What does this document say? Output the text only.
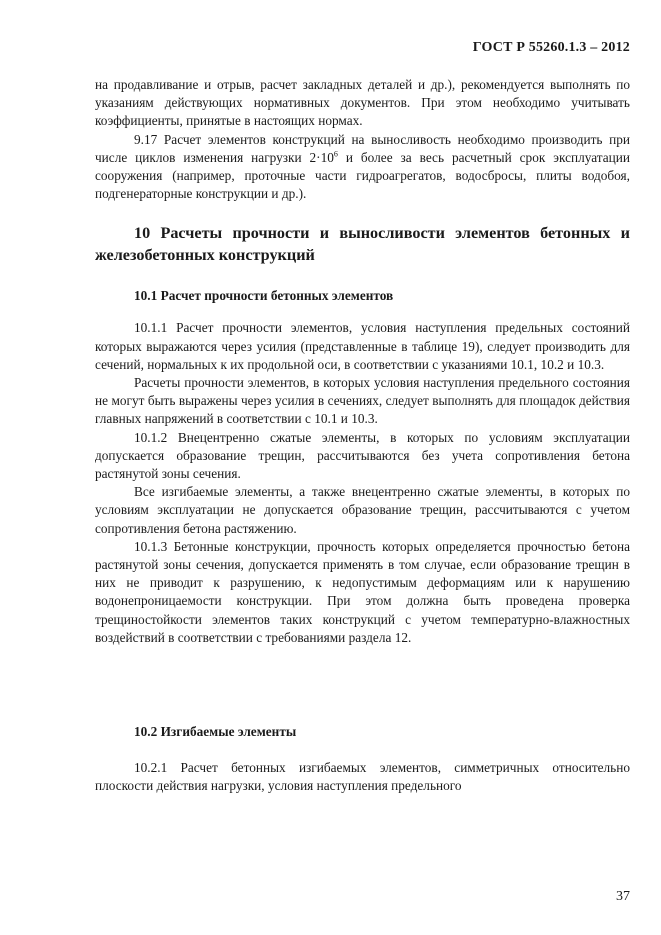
ГОСТ Р 55260.1.3 – 2012

на продавливание и отрыв, расчет закладных деталей и др.), рекомендуется выполнять по указаниям действующих нормативных документов. При этом необходимо учитывать коэффициенты, принятые в настоящих нормах.

9.17 Расчет элементов конструкций на выносливость необходимо производить при числе циклов изменения нагрузки $2\cdot 10^6$ и более за весь расчетный срок эксплуатации сооружения (например, проточные части гидроагрегатов, водосбросы, плиты водобоя, подгенераторные конструкции и др.).

10 Расчеты прочности и выносливости элементов бетонных и железобетонных конструкций

10.1 Расчет прочности бетонных элементов

10.1.1 Расчет прочности элементов, условия наступления предельных состояний которых выражаются через усилия (представленные в таблице 19), следует производить для сечений, нормальных к их продольной оси, в соответствии с указаниями 10.1, 10.2 и 10.3.

Расчеты прочности элементов, в которых условия наступления предельного состояния не могут быть выражены через усилия в сечениях, следует выполнять для площадок действия главных напряжений в соответствии с 10.1 и 10.3.

10.1.2 Внецентренно сжатые элементы, в которых по условиям эксплуатации допускается образование трещин, рассчитываются без учета сопротивления бетона растянутой зоны сечения.

Все изгибаемые элементы, а также внецентренно сжатые элементы, в которых по условиям эксплуатации не допускается образование трещин, рассчитываются с учетом сопротивления бетона растяжению.

10.1.3 Бетонные конструкции, прочность которых определяется прочностью бетона растянутой зоны сечения, допускается применять в том случае, если образование трещин в них не приводит к разрушению, к недопустимым деформациям или к нарушению водонепроницаемости конструкции. При этом должна быть проведена проверка трещиностойкости элементов таких конструкций с учетом температурно-влажностных воздействий в соответствии с требованиями раздела 12.

10.2 Изгибаемые элементы

10.2.1 Расчет бетонных изгибаемых элементов, симметричных относительно плоскости действия нагрузки, условия наступления предельного

37
